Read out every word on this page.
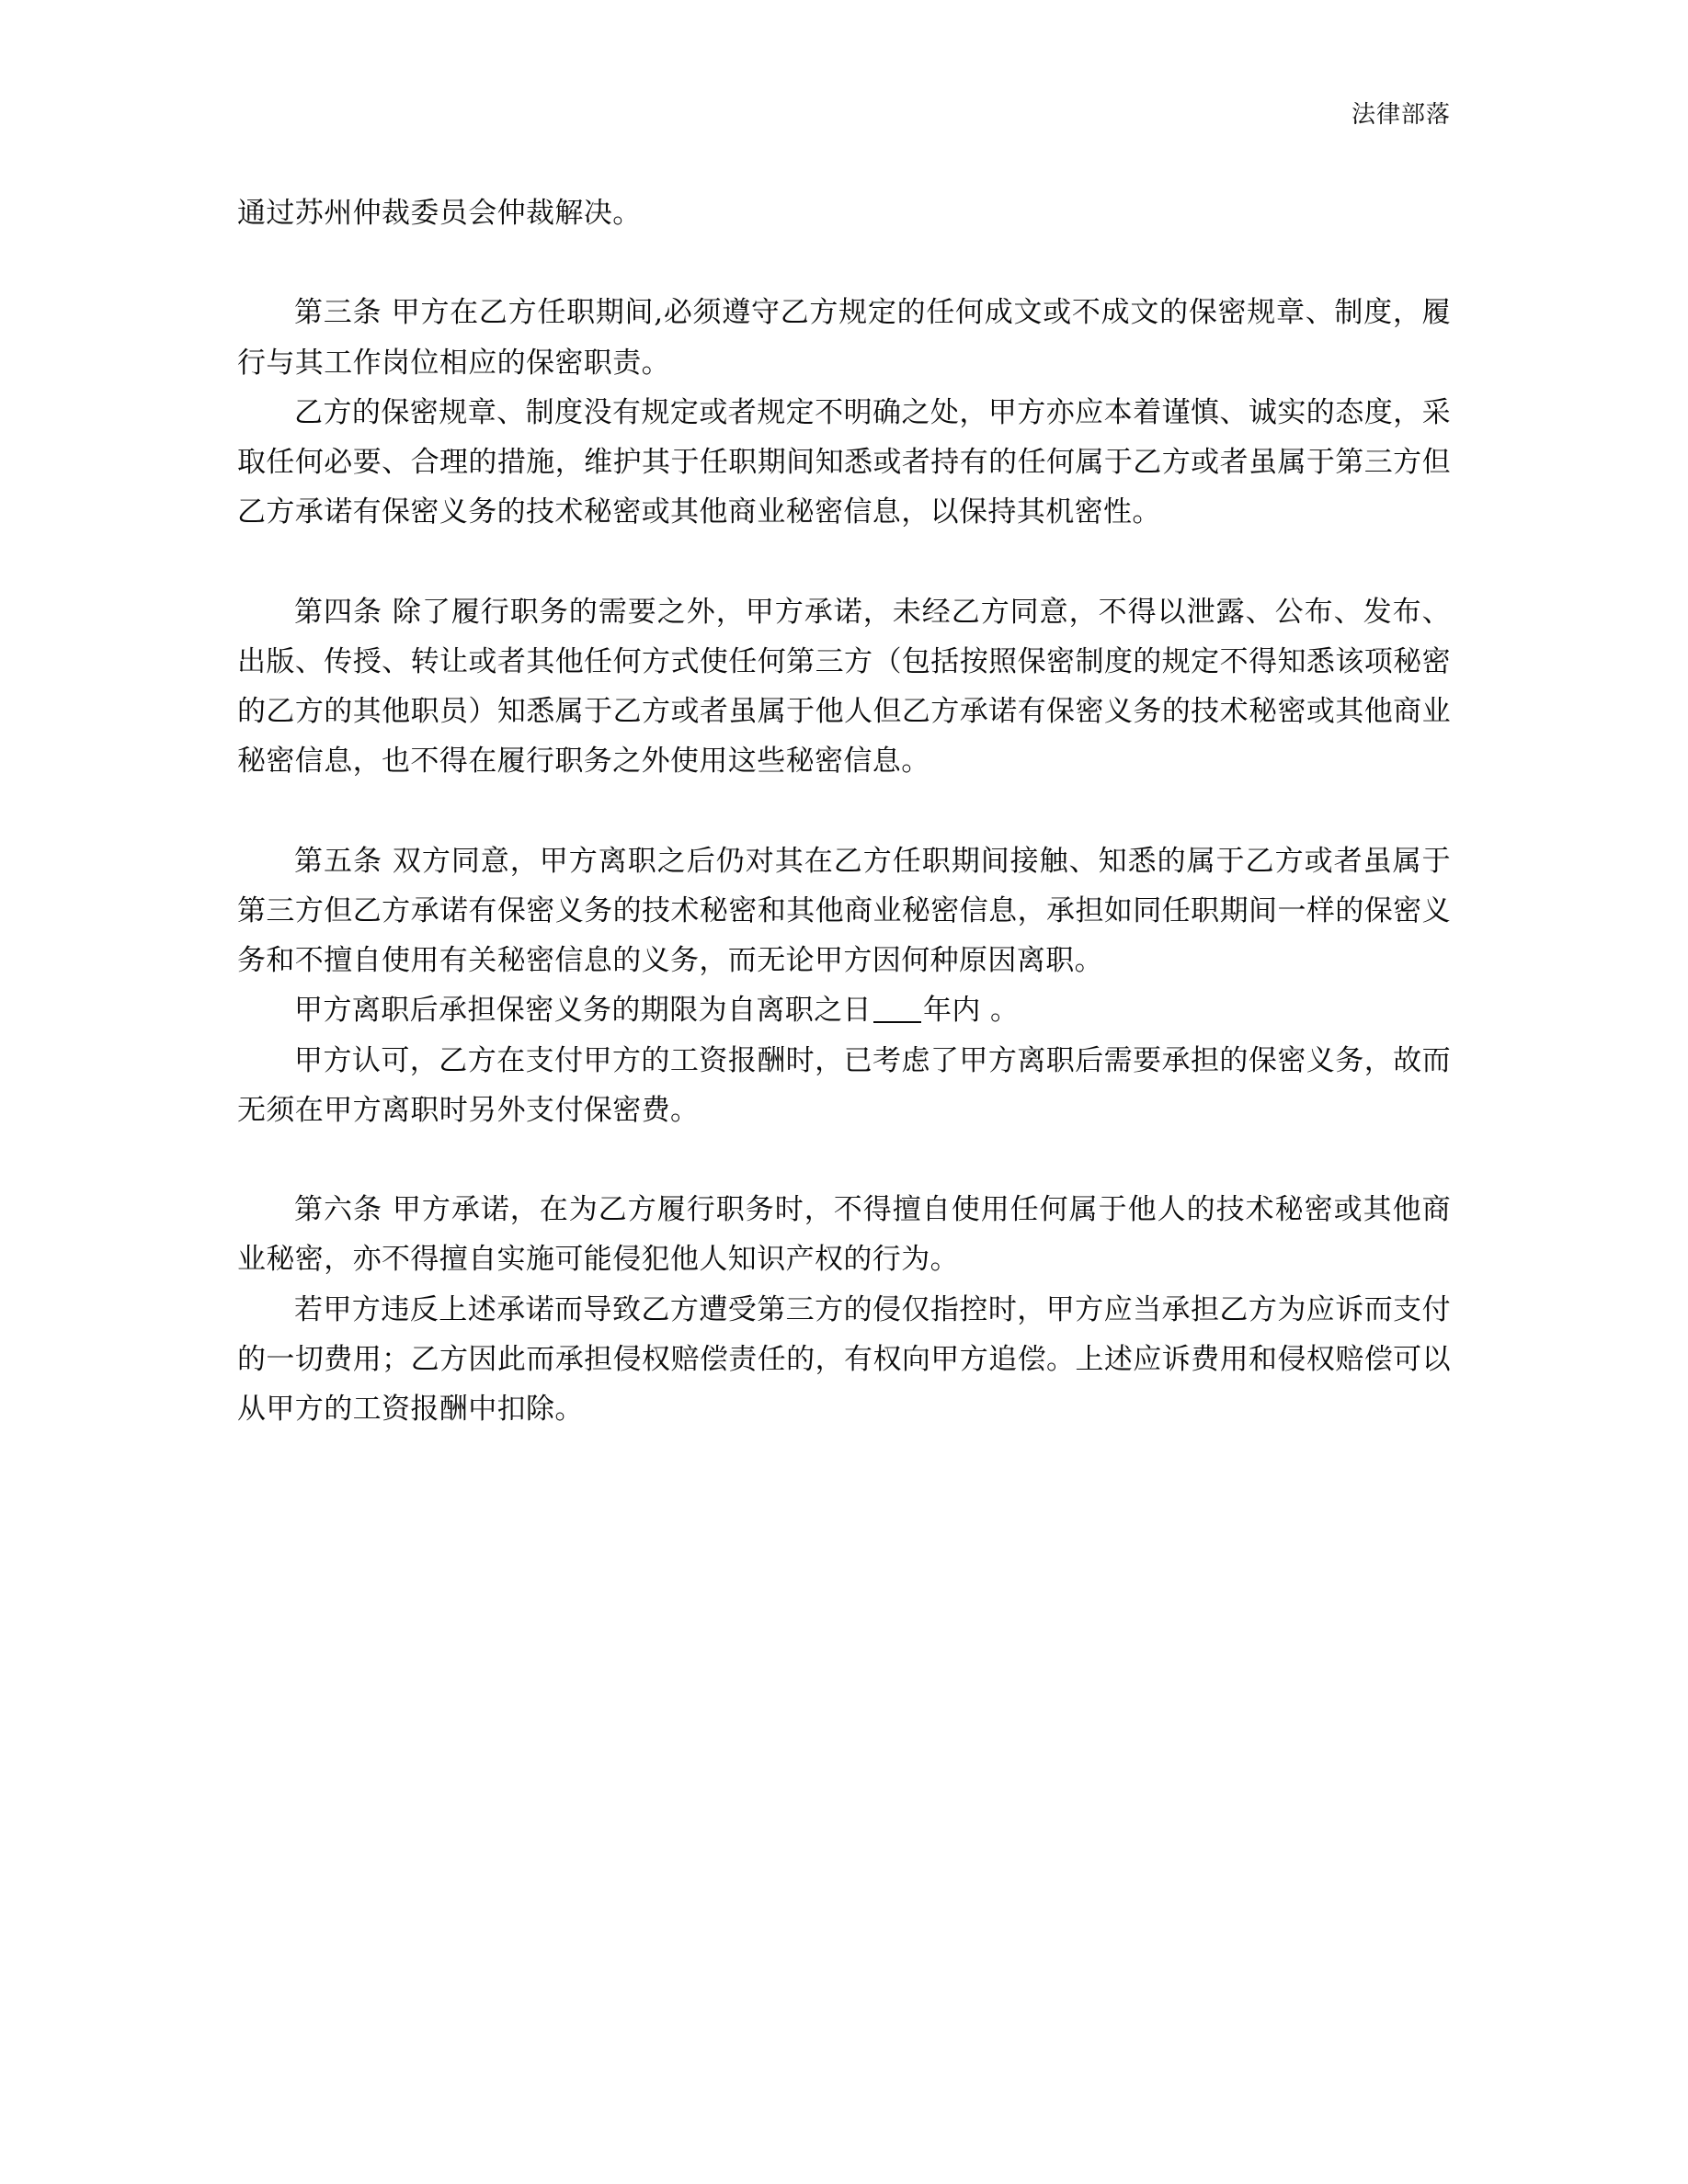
法律部落

通过苏州仲裁委员会仲裁解决。

第三条 甲方在乙方任职期间,必须遵守乙方规定的任何成文或不成文的保密规章、制度，履行与其工作岗位相应的保密职责。

乙方的保密规章、制度没有规定或者规定不明确之处，甲方亦应本着谨慎、诚实的态度，采取任何必要、合理的措施，维护其于任职期间知悉或者持有的任何属于乙方或者虽属于第三方但乙方承诺有保密义务的技术秘密或其他商业秘密信息，以保持其机密性。

第四条 除了履行职务的需要之外，甲方承诺，未经乙方同意，不得以泄露、公布、发布、出版、传授、转让或者其他任何方式使任何第三方（包括按照保密制度的规定不得知悉该项秘密的乙方的其他职员）知悉属于乙方或者虽属于他人但乙方承诺有保密义务的技术秘密或其他商业秘密信息，也不得在履行职务之外使用这些秘密信息。

第五条 双方同意，甲方离职之后仍对其在乙方任职期间接触、知悉的属于乙方或者虽属于第三方但乙方承诺有保密义务的技术秘密和其他商业秘密信息，承担如同任职期间一样的保密义务和不擅自使用有关秘密信息的义务，而无论甲方因何种原因离职。

甲方离职后承担保密义务的期限为自离职之日 年内 。

甲方认可，乙方在支付甲方的工资报酬时，已考虑了甲方离职后需要承担的保密义务，故而无须在甲方离职时另外支付保密费。

第六条 甲方承诺，在为乙方履行职务时，不得擅自使用任何属于他人的技术秘密或其他商业秘密，亦不得擅自实施可能侵犯他人知识产权的行为。

若甲方违反上述承诺而导致乙方遭受第三方的侵仅指控时，甲方应当承担乙方为应诉而支付的一切费用；乙方因此而承担侵权赔偿责任的，有权向甲方追偿。上述应诉费用和侵权赔偿可以从甲方的工资报酬中扣除。
